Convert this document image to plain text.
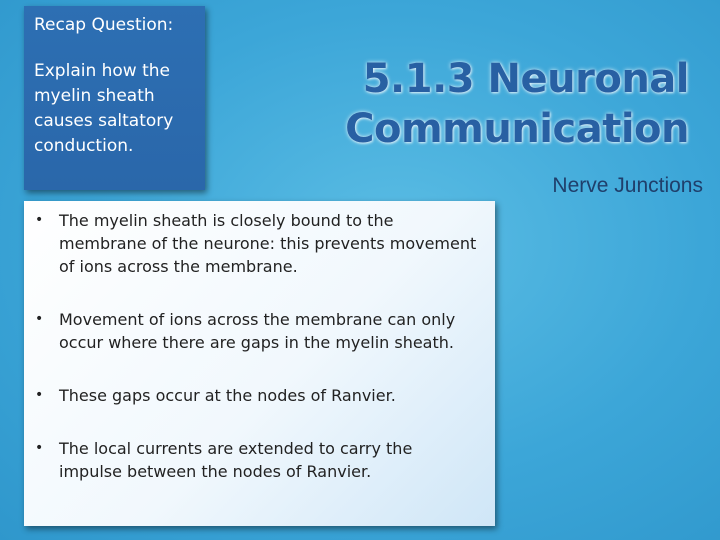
Recap Question:
Explain how the myelin sheath causes saltatory conduction.
5.1.3 Neuronal Communication
Nerve Junctions
• The myelin sheath is closely bound to the membrane of the neurone: this prevents movement of ions across the membrane.
• Movement of ions across the membrane can only occur where there are gaps in the myelin sheath.
• These gaps occur at the nodes of Ranvier.
• The local currents are extended to carry the impulse between the nodes of Ranvier.
